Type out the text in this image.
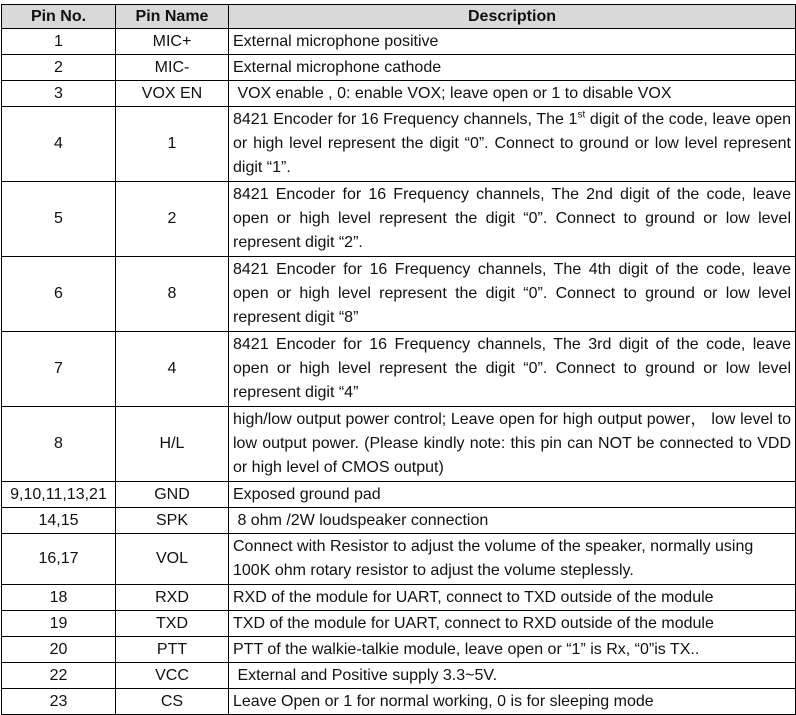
Pin No.	Pin Name	Description
1	MIC+	External microphone positive
2	MIC-	External microphone cathode
3	VOX EN	VOX enable , 0: enable VOX; leave open or 1 to disable VOX
4	1	8421 Encoder for 16 Frequency channels, The 1st digit of the code, leave open or high level represent the digit “0”. Connect to ground or low level represent digit “1”.
5	2	8421 Encoder for 16 Frequency channels, The 2nd digit of the code, leave open or high level represent the digit “0”. Connect to ground or low level represent digit “2”.
6	8	8421 Encoder for 16 Frequency channels, The 4th digit of the code, leave open or high level represent the digit “0”. Connect to ground or low level represent digit “8”
7	4	8421 Encoder for 16 Frequency channels, The 3rd digit of the code, leave open or high level represent the digit “0”. Connect to ground or low level represent digit “4”
8	H/L	high/low output power control; Leave open for high output power， low level to low output power. (Please kindly note: this pin can NOT be connected to VDD or high level of CMOS output)
9,10,11,13,21	GND	Exposed ground pad
14,15	SPK	8 ohm /2W loudspeaker connection
16,17	VOL	Connect with Resistor to adjust the volume of the speaker, normally using 100K ohm rotary resistor to adjust the volume steplessly.
18	RXD	RXD of the module for UART, connect to TXD outside of the module
19	TXD	TXD of the module for UART, connect to RXD outside of the module
20	PTT	PTT of the walkie-talkie module, leave open or “1” is Rx, “0”is TX..
22	VCC	External and Positive supply 3.3~5V.
23	CS	Leave Open or 1 for normal working, 0 is for sleeping mode
